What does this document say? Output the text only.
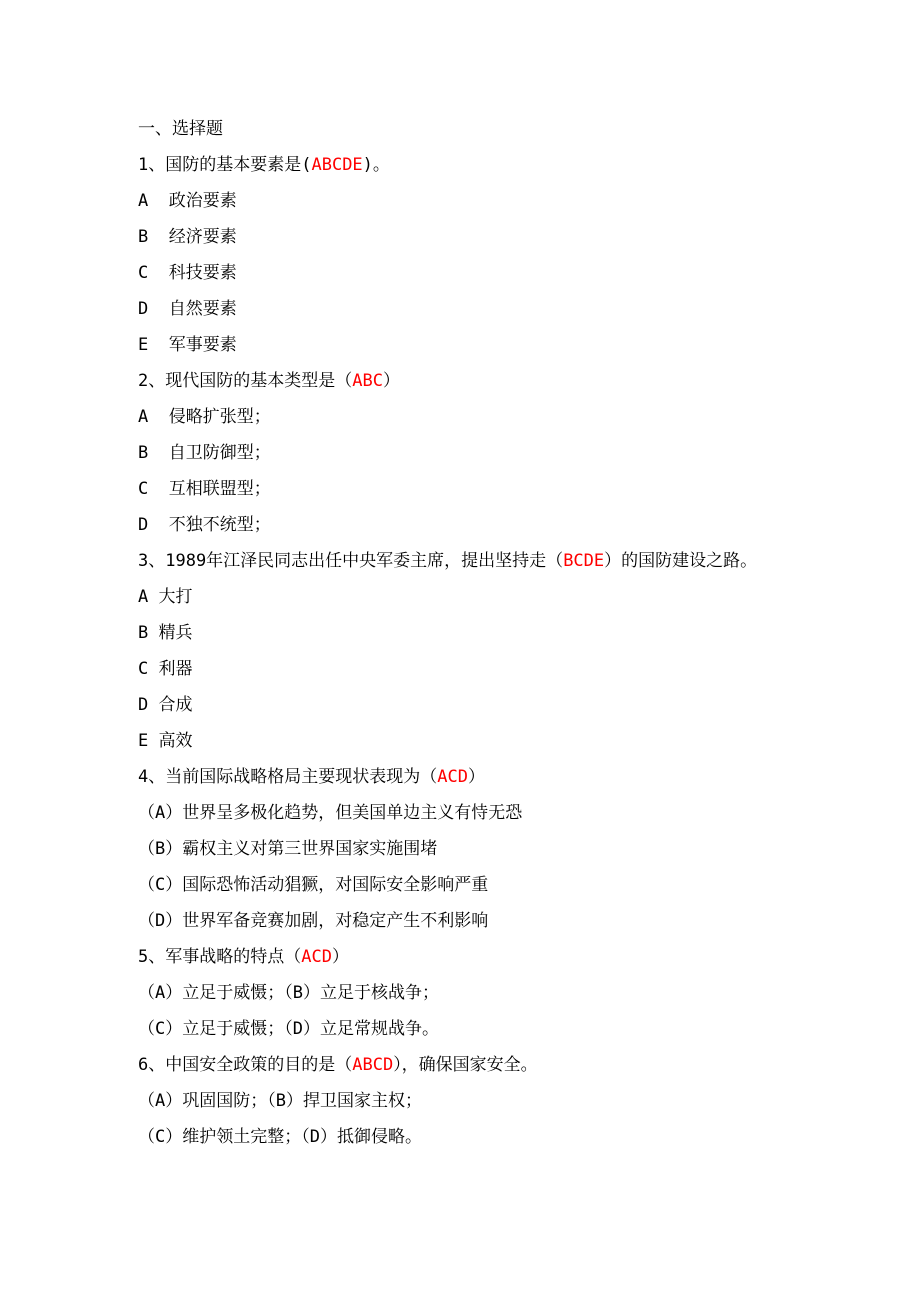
一、选择题
1、国防的基本要素是(ABCDE)。
A  政治要素
B  经济要素
C  科技要素
D  自然要素
E  军事要素
2、现代国防的基本类型是（ABC）
A  侵略扩张型；
B  自卫防御型；
C  互相联盟型；
D  不独不统型；
3、1989年江泽民同志出任中央军委主席，提出坚持走（BCDE）的国防建设之路。
A 大打
B 精兵
C 利器
D 合成
E 高效
4、当前国际战略格局主要现状表现为（ACD）
（A）世界呈多极化趋势，但美国单边主义有恃无恐
（B）霸权主义对第三世界国家实施围堵
（C）国际恐怖活动猖獗，对国际安全影响严重
（D）世界军备竞赛加剧，对稳定产生不利影响
5、军事战略的特点（ACD）
（A）立足于威慑；（B）立足于核战争；
（C）立足于威慑；（D）立足常规战争。
6、中国安全政策的目的是（ABCD），确保国家安全。
（A）巩固国防；（B）捍卫国家主权；
（C）维护领土完整；（D）抵御侵略。
